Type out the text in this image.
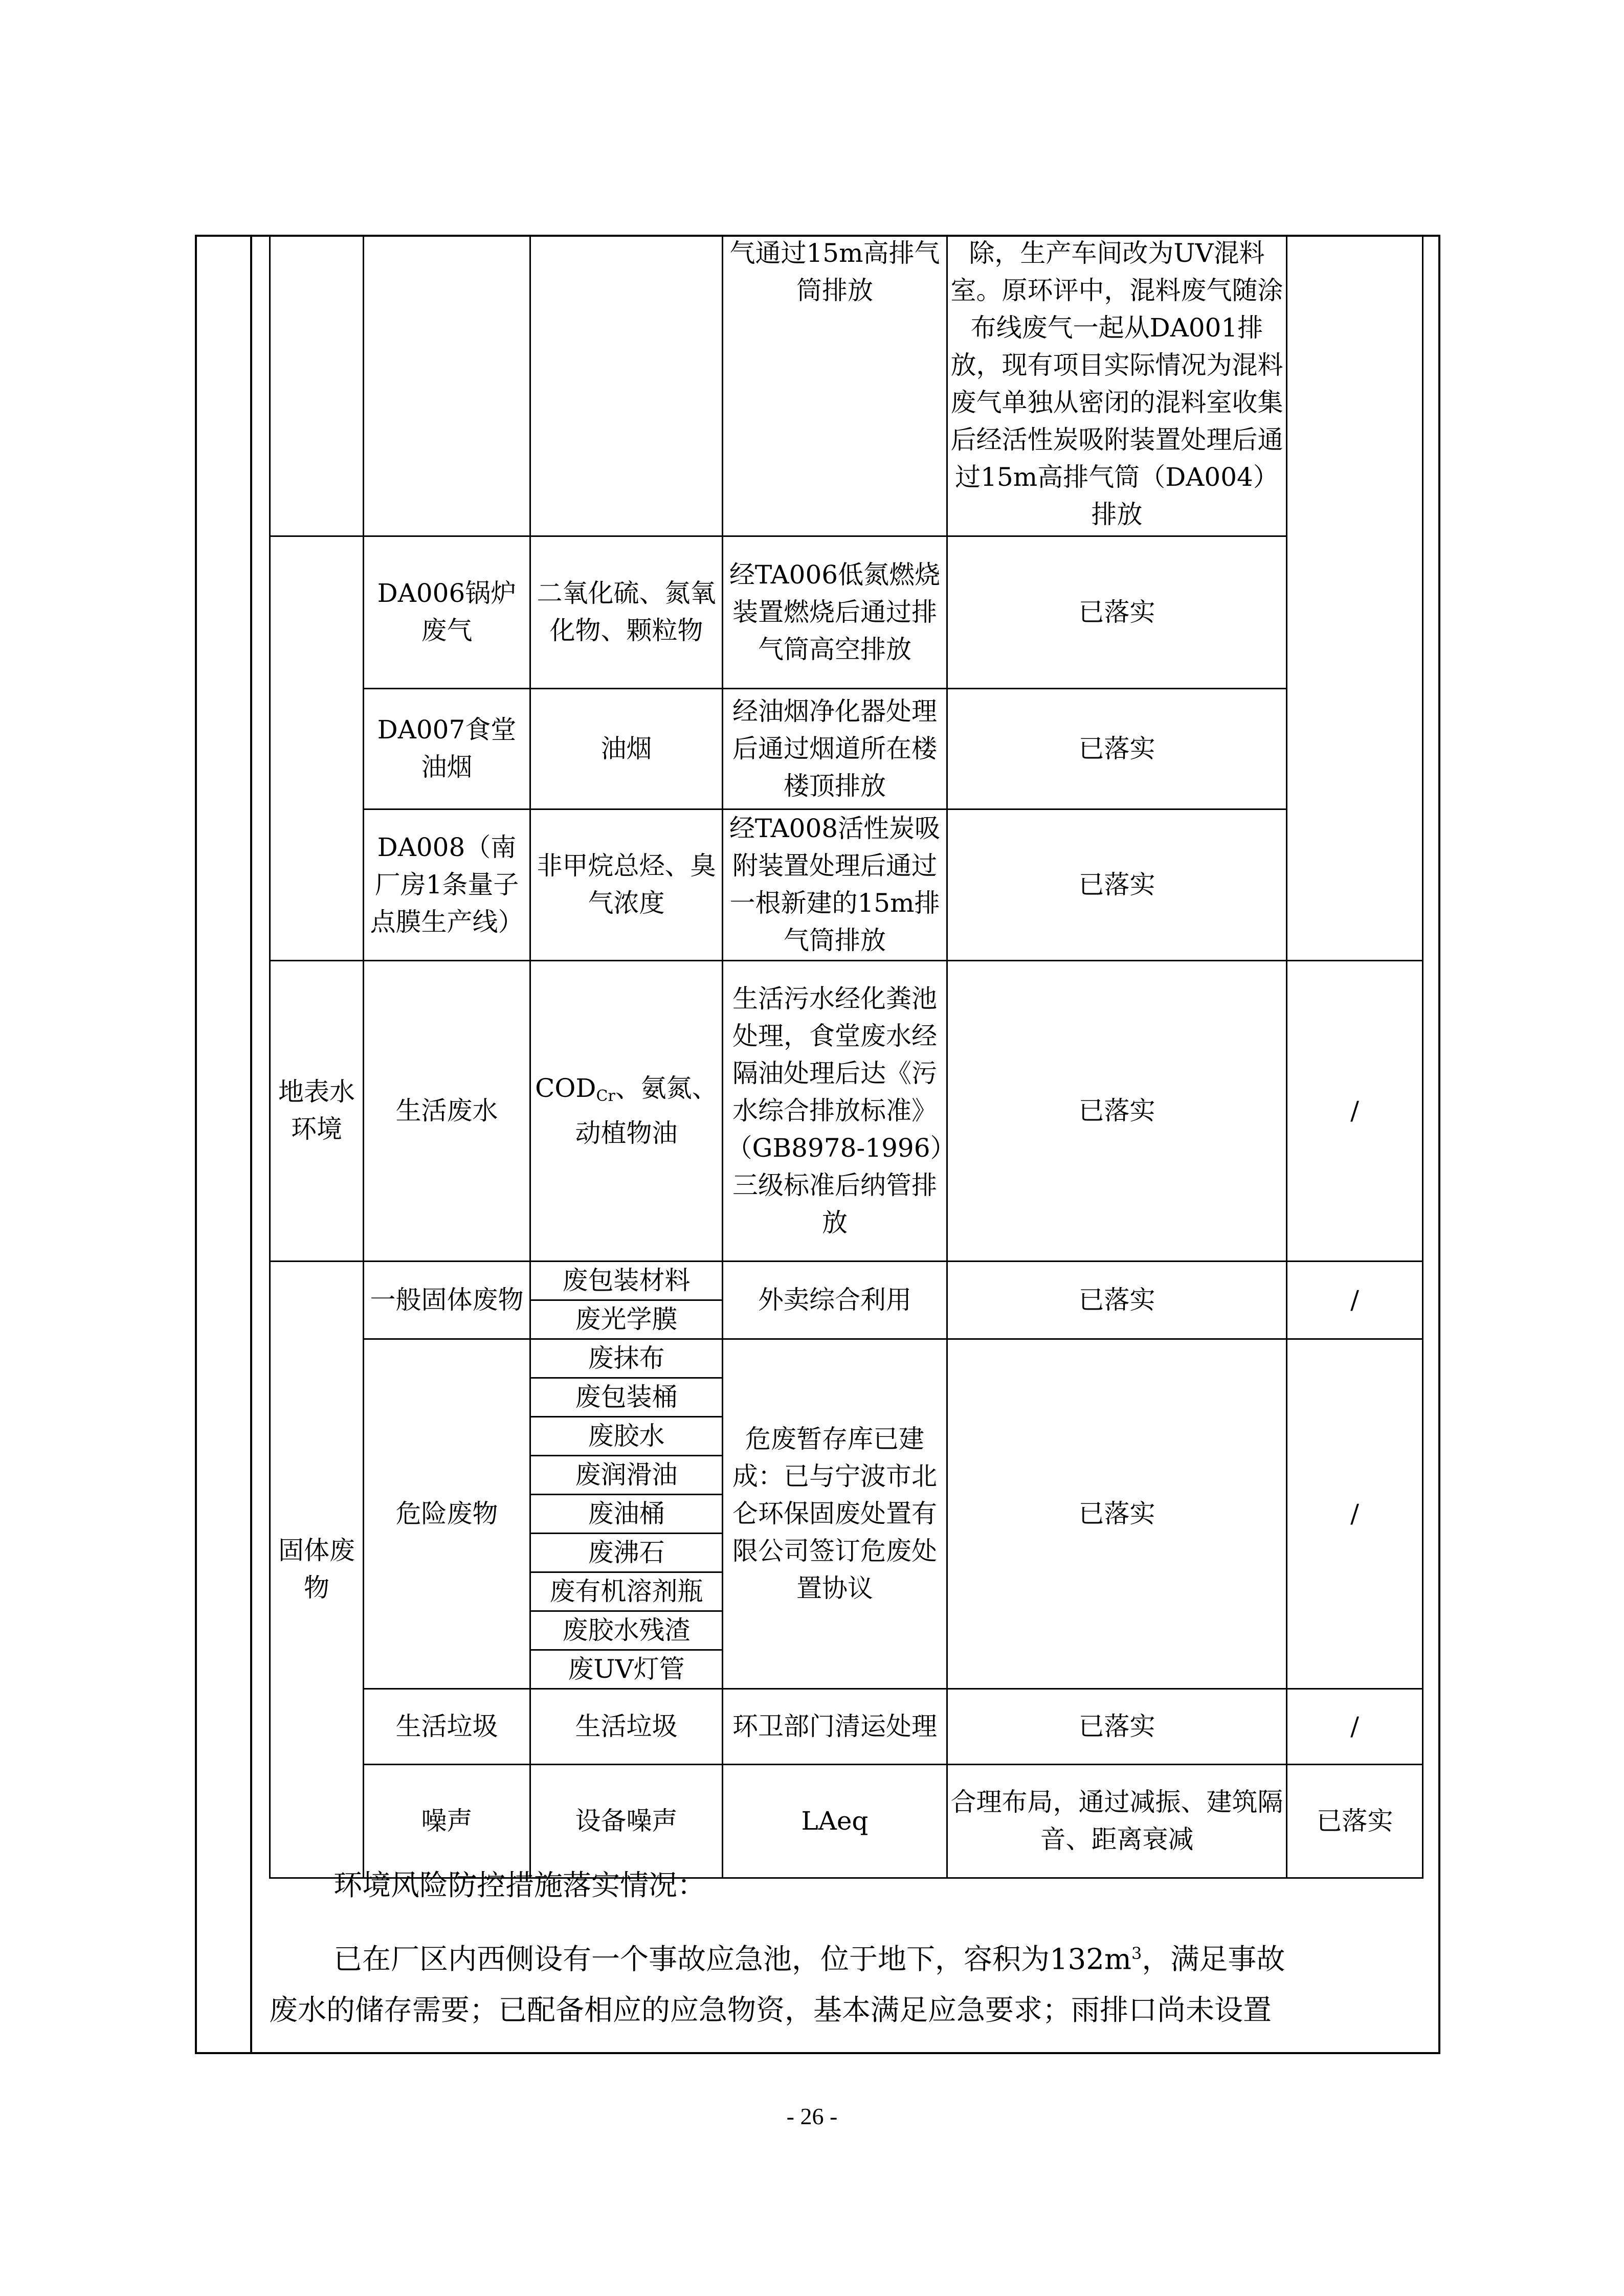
			气通过15m高排气筒排放	除，生产车间改为UV混料室。原环评中，混料废气随涂布线废气一起从DA001排放，现有项目实际情况为混料废气单独从密闭的混料室收集后经活性炭吸附装置处理后通过15m高排气筒（DA004）排放		
	DA006锅炉废气	二氧化硫、氮氧化物、颗粒物	经TA006低氮燃烧装置燃烧后通过排气筒高空排放	已落实		
	DA007食堂油烟	油烟	经油烟净化器处理后通过烟道所在楼楼顶排放	已落实		
	DA008（南厂房1条量子点膜生产线）	非甲烷总烃、臭气浓度	经TA008活性炭吸附装置处理后通过一根新建的15m排气筒排放	已落实		
地表水环境	生活废水	$COD_{Cr}$、氨氮、动植物油	生活污水经化粪池处理，食堂废水经隔油处理后达《污水综合排放标准》（GB8978-1996）三级标准后纳管排放	已落实	/	
固体废物	一般固体废物	废包装材料	外卖综合利用	已落实	/	
		废光学膜				
	危险废物	废抹布	危废暂存库已建成：已与宁波市北仑环保固废处置有限公司签订危废处置协议	已落实	/	
		废包装桶				
		废胶水				
		废润滑油				
		废油桶				
		废沸石				
		废有机溶剂瓶				
		废胶水残渣				
		废UV灯管				
	生活垃圾	生活垃圾	环卫部门清运处理	已落实	/	
	噪声	设备噪声	LAeq	合理布局，通过减振、建筑隔音、距离衰减	已落实	

环境风险防控措施落实情况：

已在厂区内西侧设有一个事故应急池，位于地下，容积为$132m^3$，满足事故

废水的储存需要；已配备相应的应急物资，基本满足应急要求；雨排口尚未设置

- 26 -
